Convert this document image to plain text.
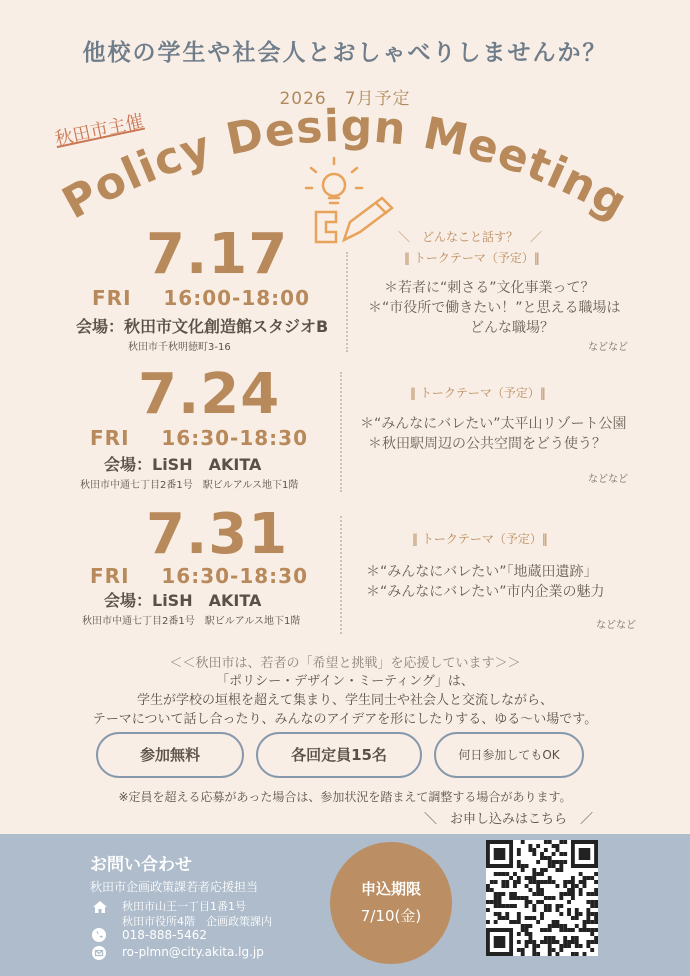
他校の学生や社会人とおしゃべりしませんか？
2026　7月予定
秋田市主催
Policy Design Meeting
7.17
FRI 16:00-18:00
会場：秋田市文化創造館スタジオB
秋田市千秋明徳町3-16
＼　どんなこと話す？　／
‖ トークテーマ（予定）‖
＊若者に“刺さる”文化事業って？
＊“市役所で働きたい！”と思える職場は
どんな職場？
などなど
7.24
FRI 16:30-18:30
会場：LiSH　AKITA
秋田市中通七丁目2番1号　駅ビルアルス地下1階
‖ トークテーマ（予定）‖
＊“みんなにバレたい”太平山リゾート公園
＊秋田駅周辺の公共空間をどう使う？
などなど
7.31
FRI 16:30-18:30
会場：LiSH　AKITA
秋田市中通七丁目2番1号　駅ビルアルス地下1階
‖ トークテーマ（予定）‖
＊“みんなにバレたい”「地蔵田遺跡」
＊“みんなにバレたい”市内企業の魅力
などなど
＜＜秋田市は、若者の「希望と挑戦」を応援しています＞＞
「ポリシー・デザイン・ミーティング」は、
学生が学校の垣根を超えて集まり、学生同士や社会人と交流しながら、
テーマについて話し合ったり、みんなのアイデアを形にしたりする、ゆる〜い場です。
参加無料	各回定員15名	何日参加してもOK
※定員を超える応募があった場合は、参加状況を踏まえて調整する場合があります。
＼　お申し込みはこちら　／
お問い合わせ
秋田市企画政策課若者応援担当
秋田市山王一丁目1番1号
秋田市役所4階　企画政策課内
018-888-5462
ro-plmn@city.akita.lg.jp
申込期限
7/10(金)
